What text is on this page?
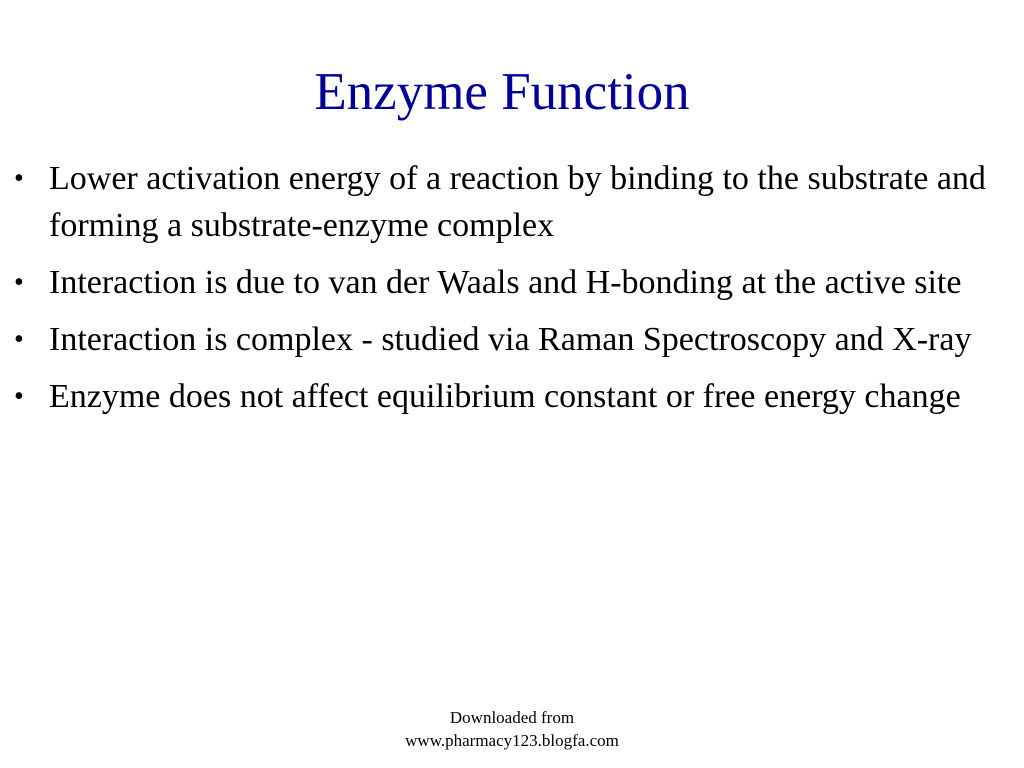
Enzyme Function
• Lower activation energy of a reaction by binding to the substrate and forming a substrate-enzyme complex
• Interaction is due to van der Waals and H-bonding at the active site
• Interaction is complex - studied via Raman Spectroscopy and X-ray
• Enzyme does not affect equilibrium constant or free energy change
Downloaded from
www.pharmacy123.blogfa.com
